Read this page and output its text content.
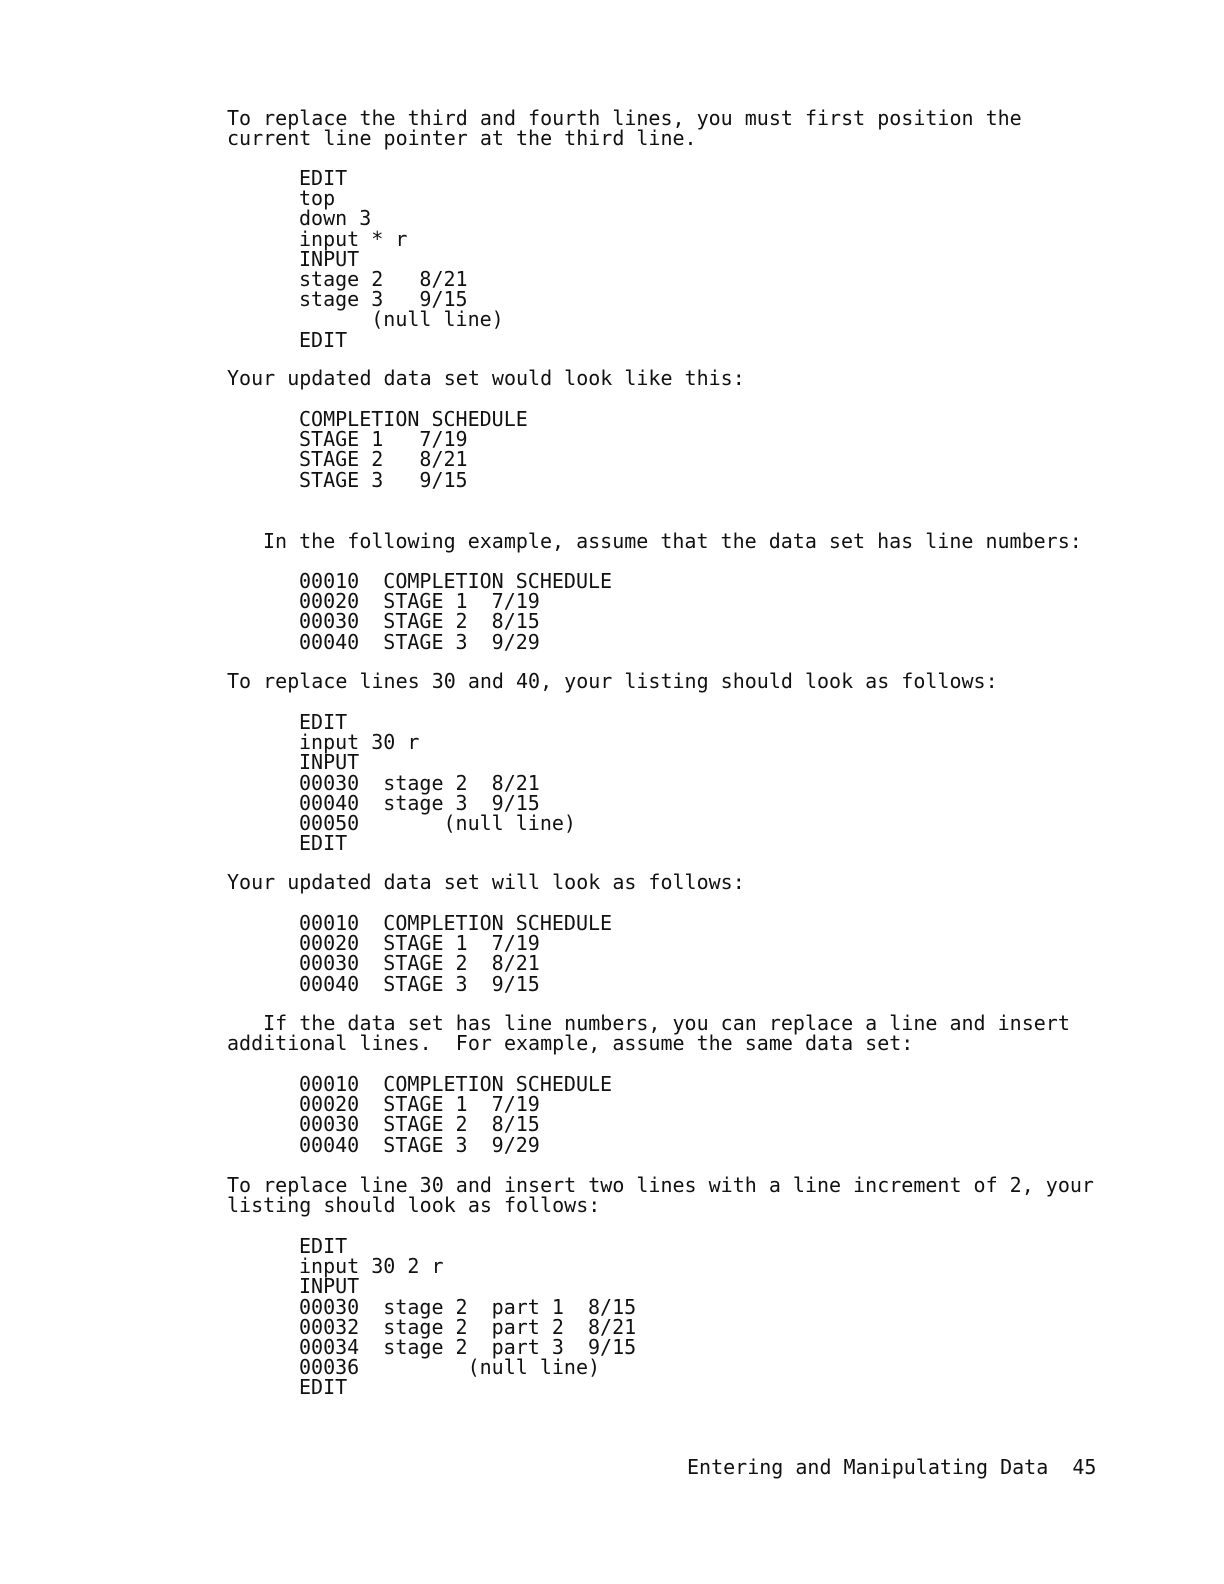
To replace the third and fourth lines, you must first position the
current line pointer at the third line.
EDIT
top
down 3
input * r
INPUT
stage 2   8/21
stage 3   9/15
(null line)
EDIT
Your updated data set would look like this:
COMPLETION SCHEDULE
STAGE 1   7/19
STAGE 2   8/21
STAGE 3   9/15
In the following example, assume that the data set has line numbers:
00010  COMPLETION SCHEDULE
00020  STAGE 1  7/19
00030  STAGE 2  8/15
00040  STAGE 3  9/29
To replace lines 30 and 40, your listing should look as follows:
EDIT
input 30 r
INPUT
00030  stage 2  8/21
00040  stage 3  9/15
00050       (null line)
EDIT
Your updated data set will look as follows:
00010  COMPLETION SCHEDULE
00020  STAGE 1  7/19
00030  STAGE 2  8/21
00040  STAGE 3  9/15
If the data set has line numbers, you can replace a line and insert
additional lines.  For example, assume the same data set:
00010  COMPLETION SCHEDULE
00020  STAGE 1  7/19
00030  STAGE 2  8/15
00040  STAGE 3  9/29
To replace line 30 and insert two lines with a line increment of 2, your
listing should look as follows:
EDIT
input 30 2 r
INPUT
00030  stage 2  part 1  8/15
00032  stage 2  part 2  8/21
00034  stage 2  part 3  9/15
00036         (null line)
EDIT
Entering and Manipulating Data 45
